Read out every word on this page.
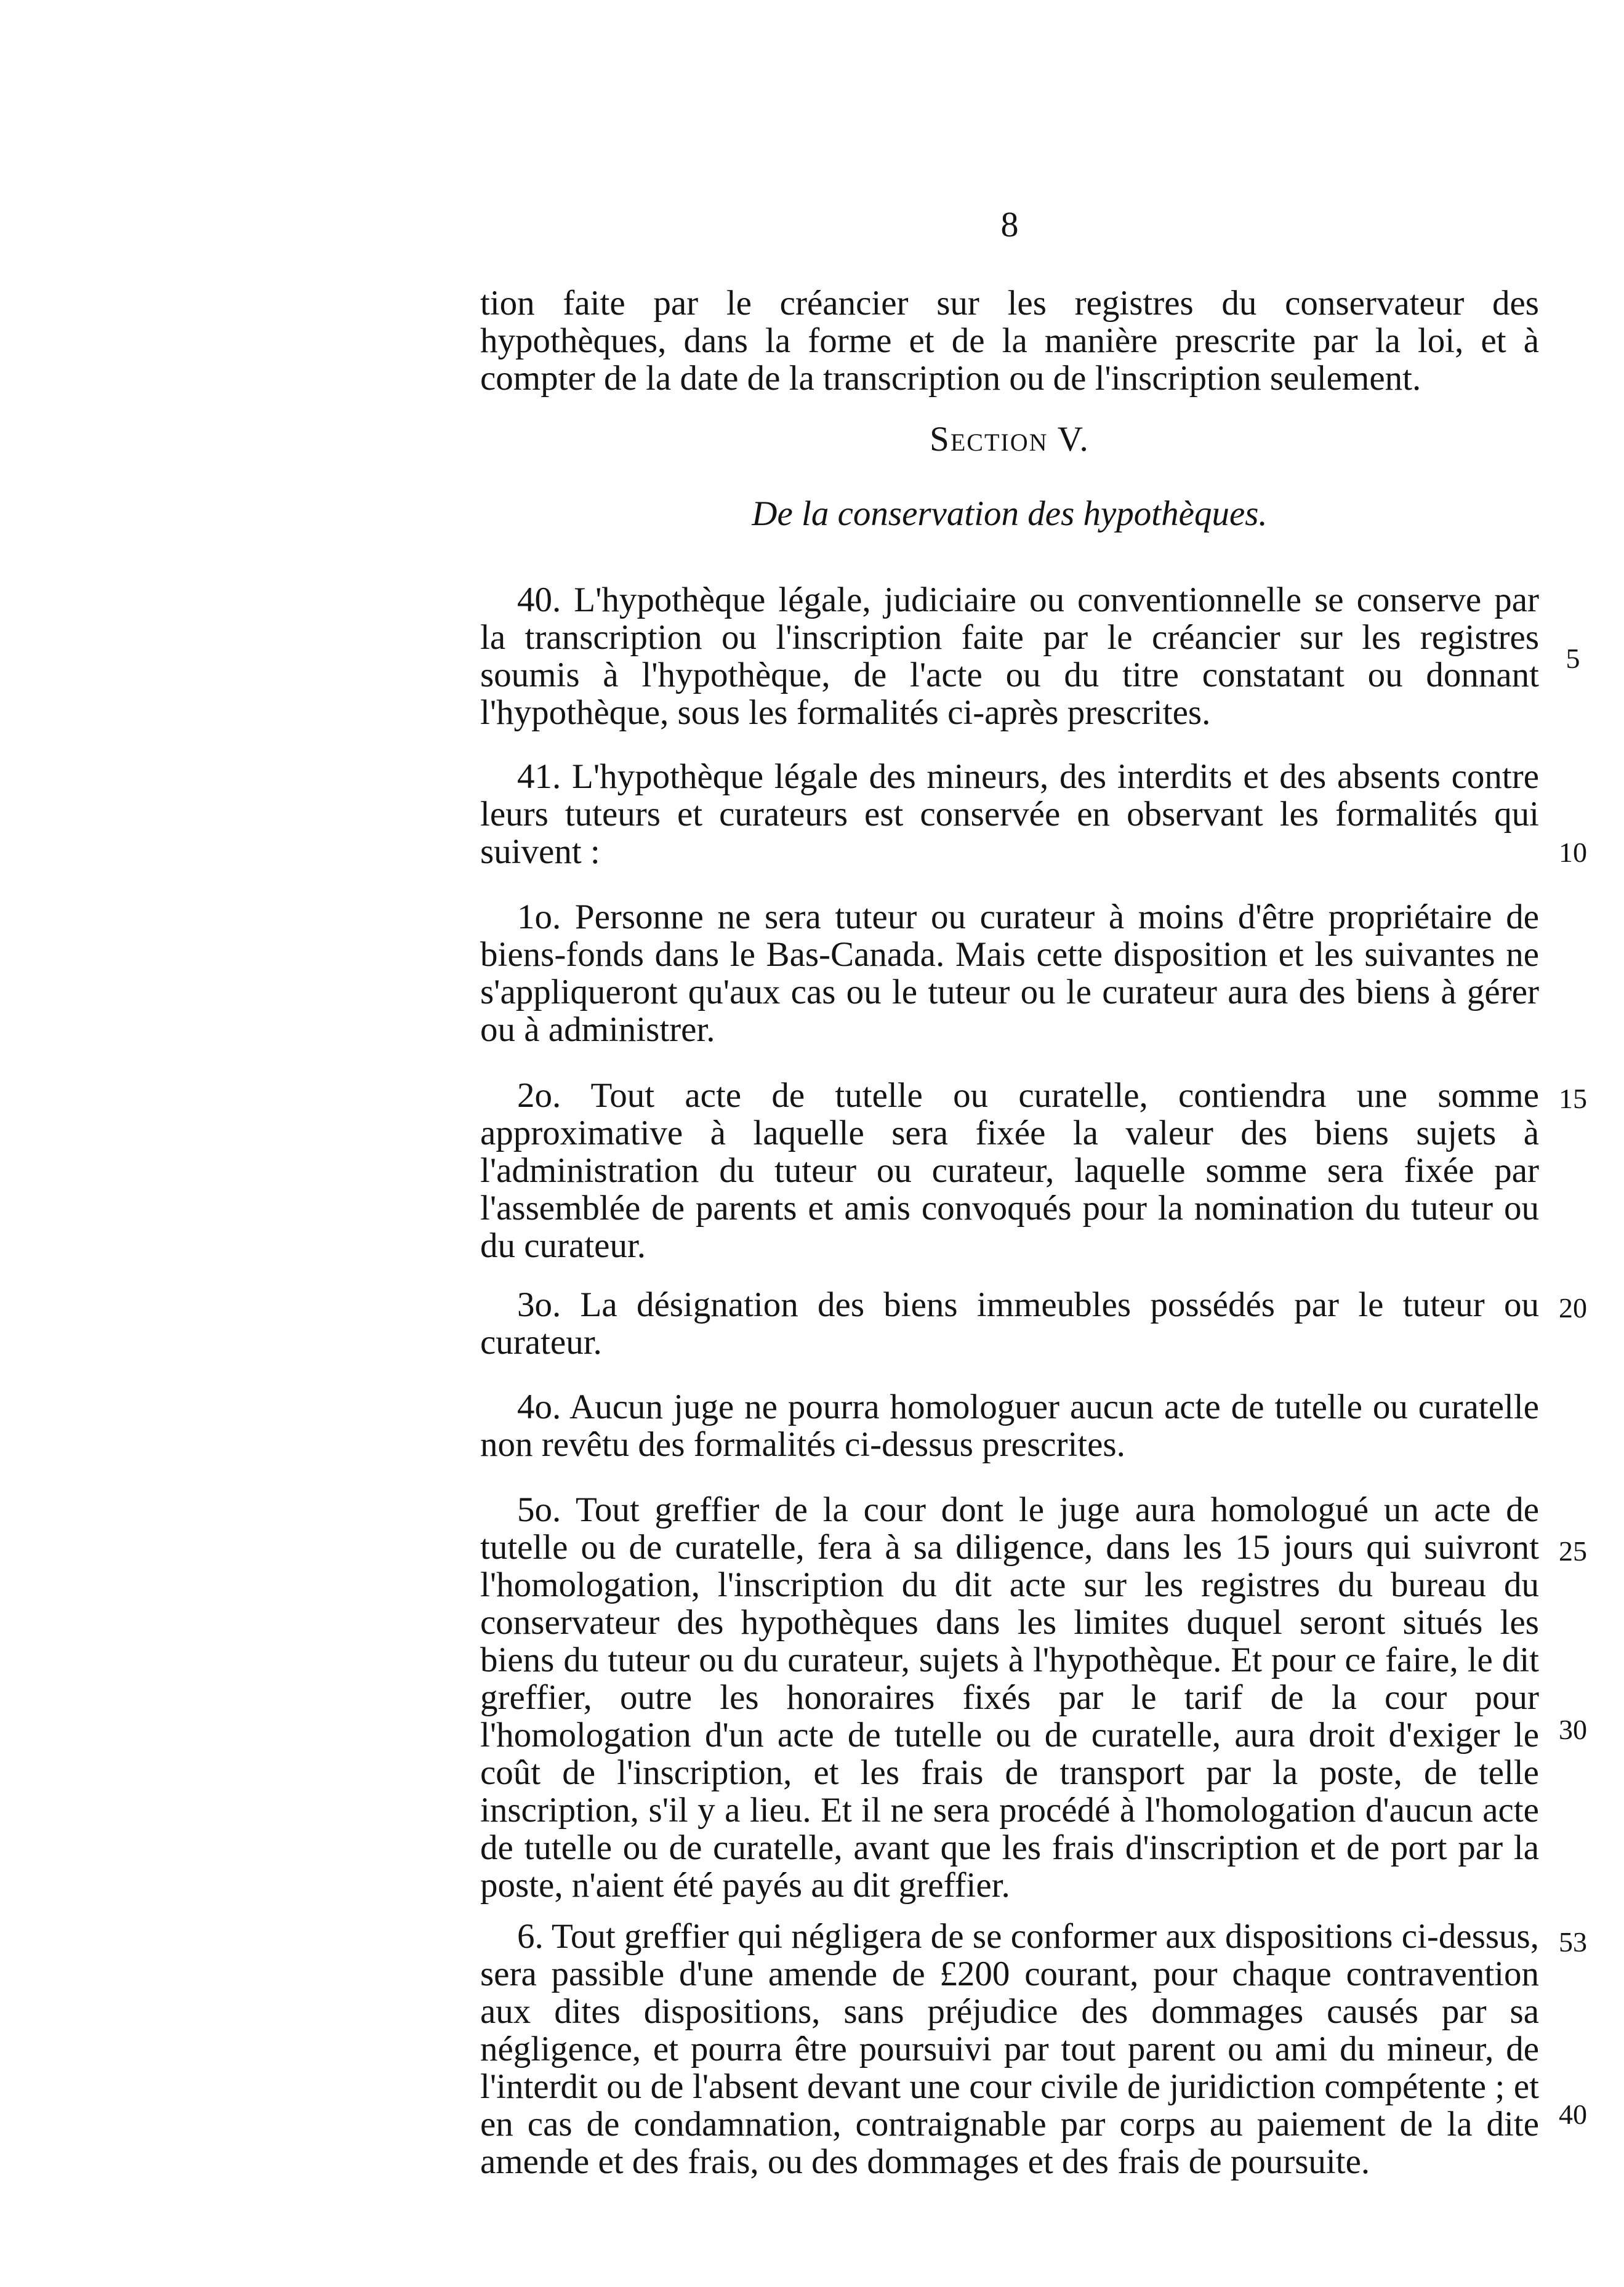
8

tion faite par le créancier sur les registres du conservateur des hypothèques, dans la forme et de la manière prescrite par la loi, et à compter de la date de la transcription ou de l'inscription seulement.

Section V.
De la conservation des hypothèques.

40. L'hypothèque légale, judiciaire ou conventionnelle se conserve par la transcription ou l'inscription faite par le créancier sur les registres soumis à l'hypothèque, de l'acte ou du titre constatant ou donnant l'hypothèque, sous les formalités ci-après prescrites.

41. L'hypothèque légale des mineurs, des interdits et des absents contre leurs tuteurs et curateurs est conservée en observant les formalités qui suivent :

1o. Personne ne sera tuteur ou curateur à moins d'être propriétaire de biens-fonds dans le Bas-Canada. Mais cette disposition et les suivantes ne s'appliqueront qu'aux cas ou le tuteur ou le curateur aura des biens à gérer ou à administrer.

2o. Tout acte de tutelle ou curatelle, contiendra une somme approximative à laquelle sera fixée la valeur des biens sujets à l'administration du tuteur ou curateur, laquelle somme sera fixée par l'assemblée de parents et amis convoqués pour la nomination du tuteur ou du curateur.

3o. La désignation des biens immeubles possédés par le tuteur ou curateur.

4o. Aucun juge ne pourra homologuer aucun acte de tutelle ou curatelle non revêtu des formalités ci-dessus prescrites.

5o. Tout greffier de la cour dont le juge aura homologué un acte de tutelle ou de curatelle, fera à sa diligence, dans les 15 jours qui suivront l'homologation, l'inscription du dit acte sur les registres du bureau du conservateur des hypothèques dans les limites duquel seront situés les biens du tuteur ou du curateur, sujets à l'hypothèque. Et pour ce faire, le dit greffier, outre les honoraires fixés par le tarif de la cour pour l'homologation d'un acte de tutelle ou de curatelle, aura droit d'exiger le coût de l'inscription, et les frais de transport par la poste, de telle inscription, s'il y a lieu. Et il ne sera procédé à l'homologation d'aucun acte de tutelle ou de curatelle, avant que les frais d'inscription et de port par la poste, n'aient été payés au dit greffier.

6. Tout greffier qui négligera de se conformer aux dispositions ci-dessus, sera passible d'une amende de £200 courant, pour chaque contravention aux dites dispositions, sans préjudice des dommages causés par sa négligence, et pourra être poursuivi par tout parent ou ami du mineur, de l'interdit ou de l'absent devant une cour civile de juridiction compétente ; et en cas de condamnation, contraignable par corps au paiement de la dite amende et des frais, ou des dommages et des frais de poursuite.

5
10
15
20
25
30
53
40
